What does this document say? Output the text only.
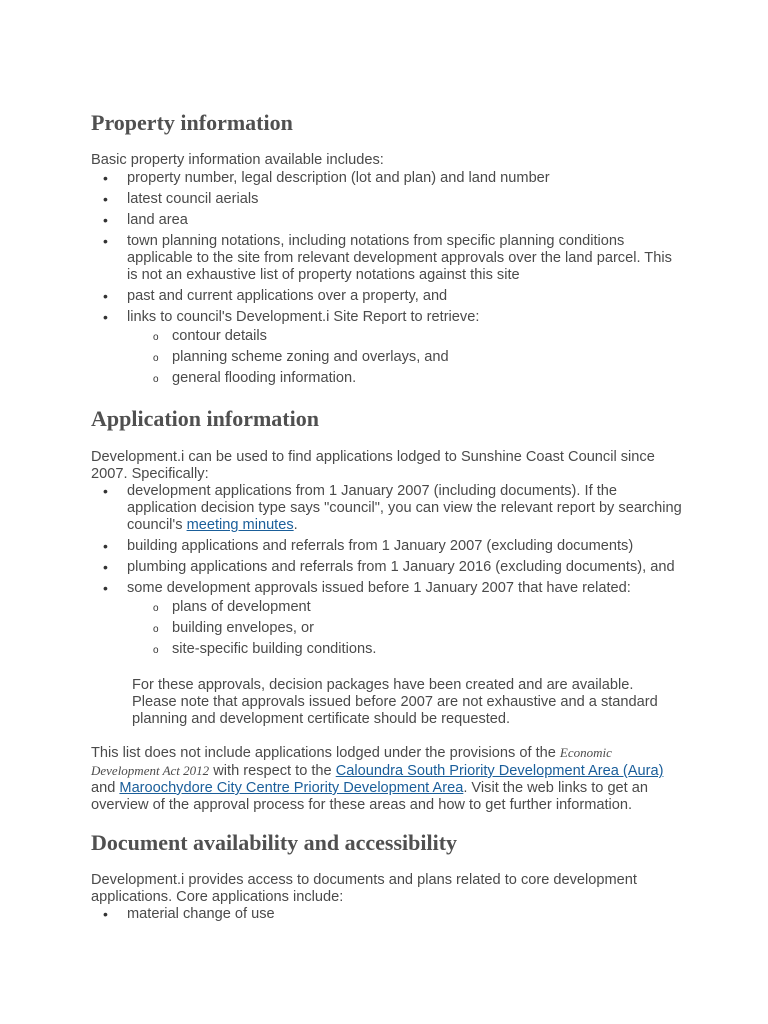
Property information

Basic property information available includes:

• property number, legal description (lot and plan) and land number
• latest council aerials
• land area
• town planning notations, including notations from specific planning conditions applicable to the site from relevant development approvals over the land parcel. This is not an exhaustive list of property notations against this site
• past and current applications over a property, and
• links to council's Development.i Site Report to retrieve:
o contour details
o planning scheme zoning and overlays, and
o general flooding information.
Application information

Development.i can be used to find applications lodged to Sunshine Coast Council since 2007. Specifically:

• development applications from 1 January 2007 (including documents). If the application decision type says "council", you can view the relevant report by searching council's meeting minutes.
• building applications and referrals from 1 January 2007 (excluding documents)
• plumbing applications and referrals from 1 January 2016 (excluding documents), and
• some development approvals issued before 1 January 2007 that have related:
o plans of development
o building envelopes, or
o site-specific building conditions.

For these approvals, decision packages have been created and are available. Please note that approvals issued before 2007 are not exhaustive and a standard planning and development certificate should be requested.

This list does not include applications lodged under the provisions of the Economic Development Act 2012 with respect to the Caloundra South Priority Development Area (Aura) and Maroochydore City Centre Priority Development Area. Visit the web links to get an overview of the approval process for these areas and how to get further information.

Document availability and accessibility

Development.i provides access to documents and plans related to core development applications. Core applications include:

• material change of use
